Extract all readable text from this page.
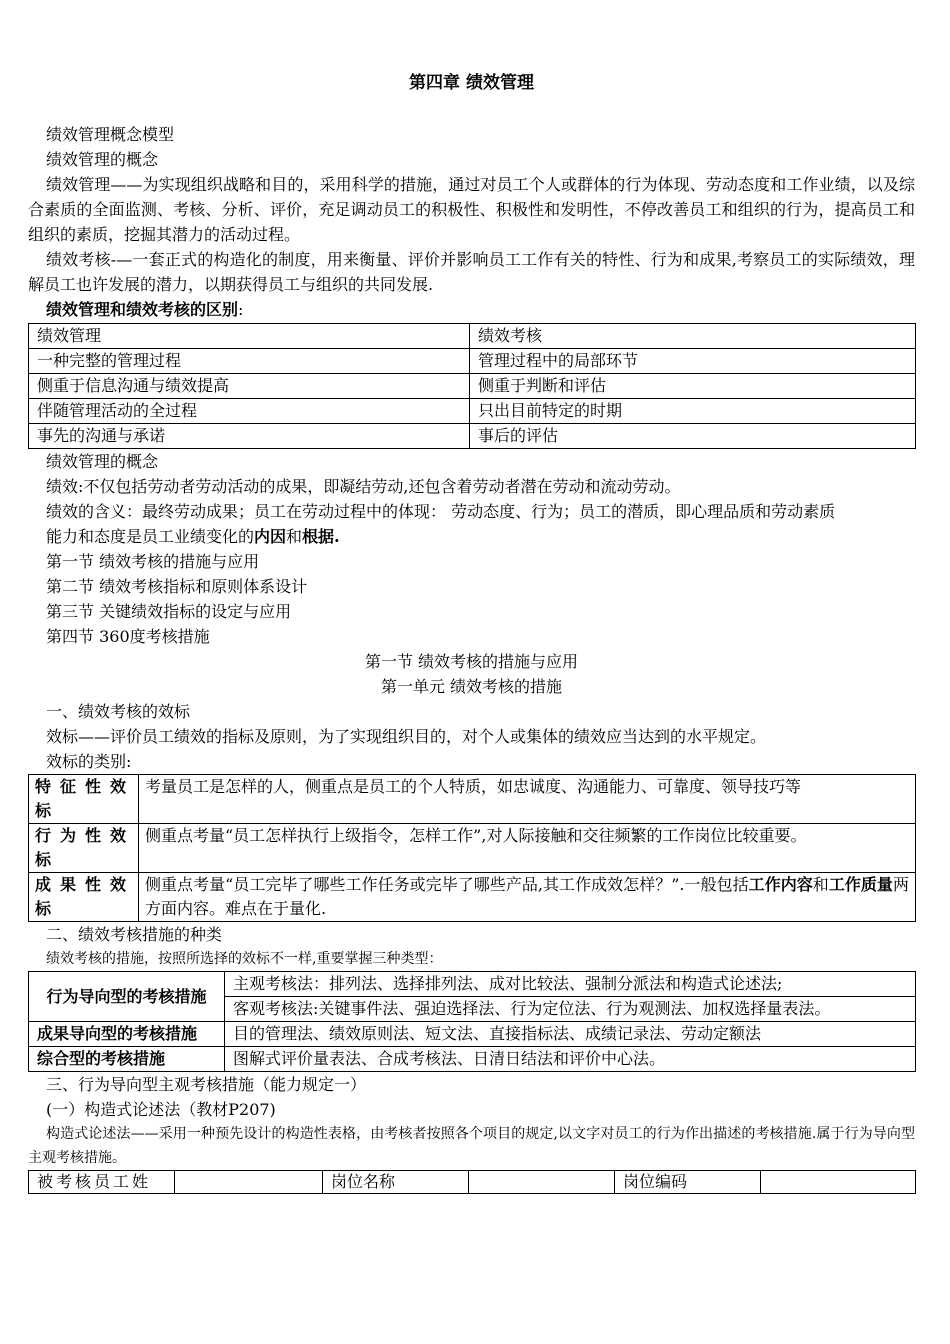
第四章 绩效管理

绩效管理概念模型

绩效管理的概念

绩效管理——为实现组织战略和目的，采用科学的措施，通过对员工个人或群体的行为体现、劳动态度和工作业绩，以及综合素质的全面监测、考核、分析、评价，充足调动员工的积极性、积极性和发明性，不停改善员工和组织的行为，提高员工和组织的素质，挖掘其潜力的活动过程。

绩效考核-—一套正式的构造化的制度，用来衡量、评价并影响员工工作有关的特性、行为和成果,考察员工的实际绩效，理解员工也许发展的潜力，以期获得员工与组织的共同发展.

绩效管理和绩效考核的区别:

绩效管理	绩效考核
一种完整的管理过程	管理过程中的局部环节
侧重于信息沟通与绩效提高	侧重于判断和评估
伴随管理活动的全过程	只出目前特定的时期
事先的沟通与承诺	事后的评估

绩效管理的概念

绩效:不仅包括劳动者劳动活动的成果，即凝结劳动,还包含着劳动者潜在劳动和流动劳动。

绩效的含义：最终劳动成果；员工在劳动过程中的体现： 劳动态度、行为；员工的潜质，即心理品质和劳动素质

能力和态度是员工业绩变化的内因和根据.

第一节 绩效考核的措施与应用

第二节 绩效考核指标和原则体系设计

第三节 关键绩效指标的设定与应用

第四节 360度考核措施

第一节 绩效考核的措施与应用

第一单元 绩效考核的措施

一、绩效考核的效标

效标——评价员工绩效的指标及原则，为了实现组织目的，对个人或集体的绩效应当达到的水平规定。

效标的类别:

特征性效标	考量员工是怎样的人，侧重点是员工的个人特质，如忠诚度、沟通能力、可靠度、领导技巧等
行为性效标	侧重点考量“员工怎样执行上级指令，怎样工作”,对人际接触和交往频繁的工作岗位比较重要。
成果性效标	侧重点考量“员工完毕了哪些工作任务或完毕了哪些产品,其工作成效怎样？”.一般包括工作内容和工作质量两方面内容。难点在于量化.

二、绩效考核措施的种类

绩效考核的措施，按照所选择的效标不一样,重要掌握三种类型：

行为导向型的考核措施	主观考核法：排列法、选择排列法、成对比较法、强制分派法和构造式论述法;
	客观考核法:关键事件法、强迫选择法、行为定位法、行为观测法、加权选择量表法。
成果导向型的考核措施	目的管理法、绩效原则法、短文法、直接指标法、成绩记录法、劳动定额法
综合型的考核措施	图解式评价量表法、合成考核法、日清日结法和评价中心法。

三、行为导向型主观考核措施（能力规定一）

(一）构造式论述法（教材P207)

构造式论述法——采用一种预先设计的构造性表格，由考核者按照各个项目的规定,以文字对员工的行为作出描述的考核措施.属于行为导向型主观考核措施。

被考核员工姓		岗位名称		岗位编码	
